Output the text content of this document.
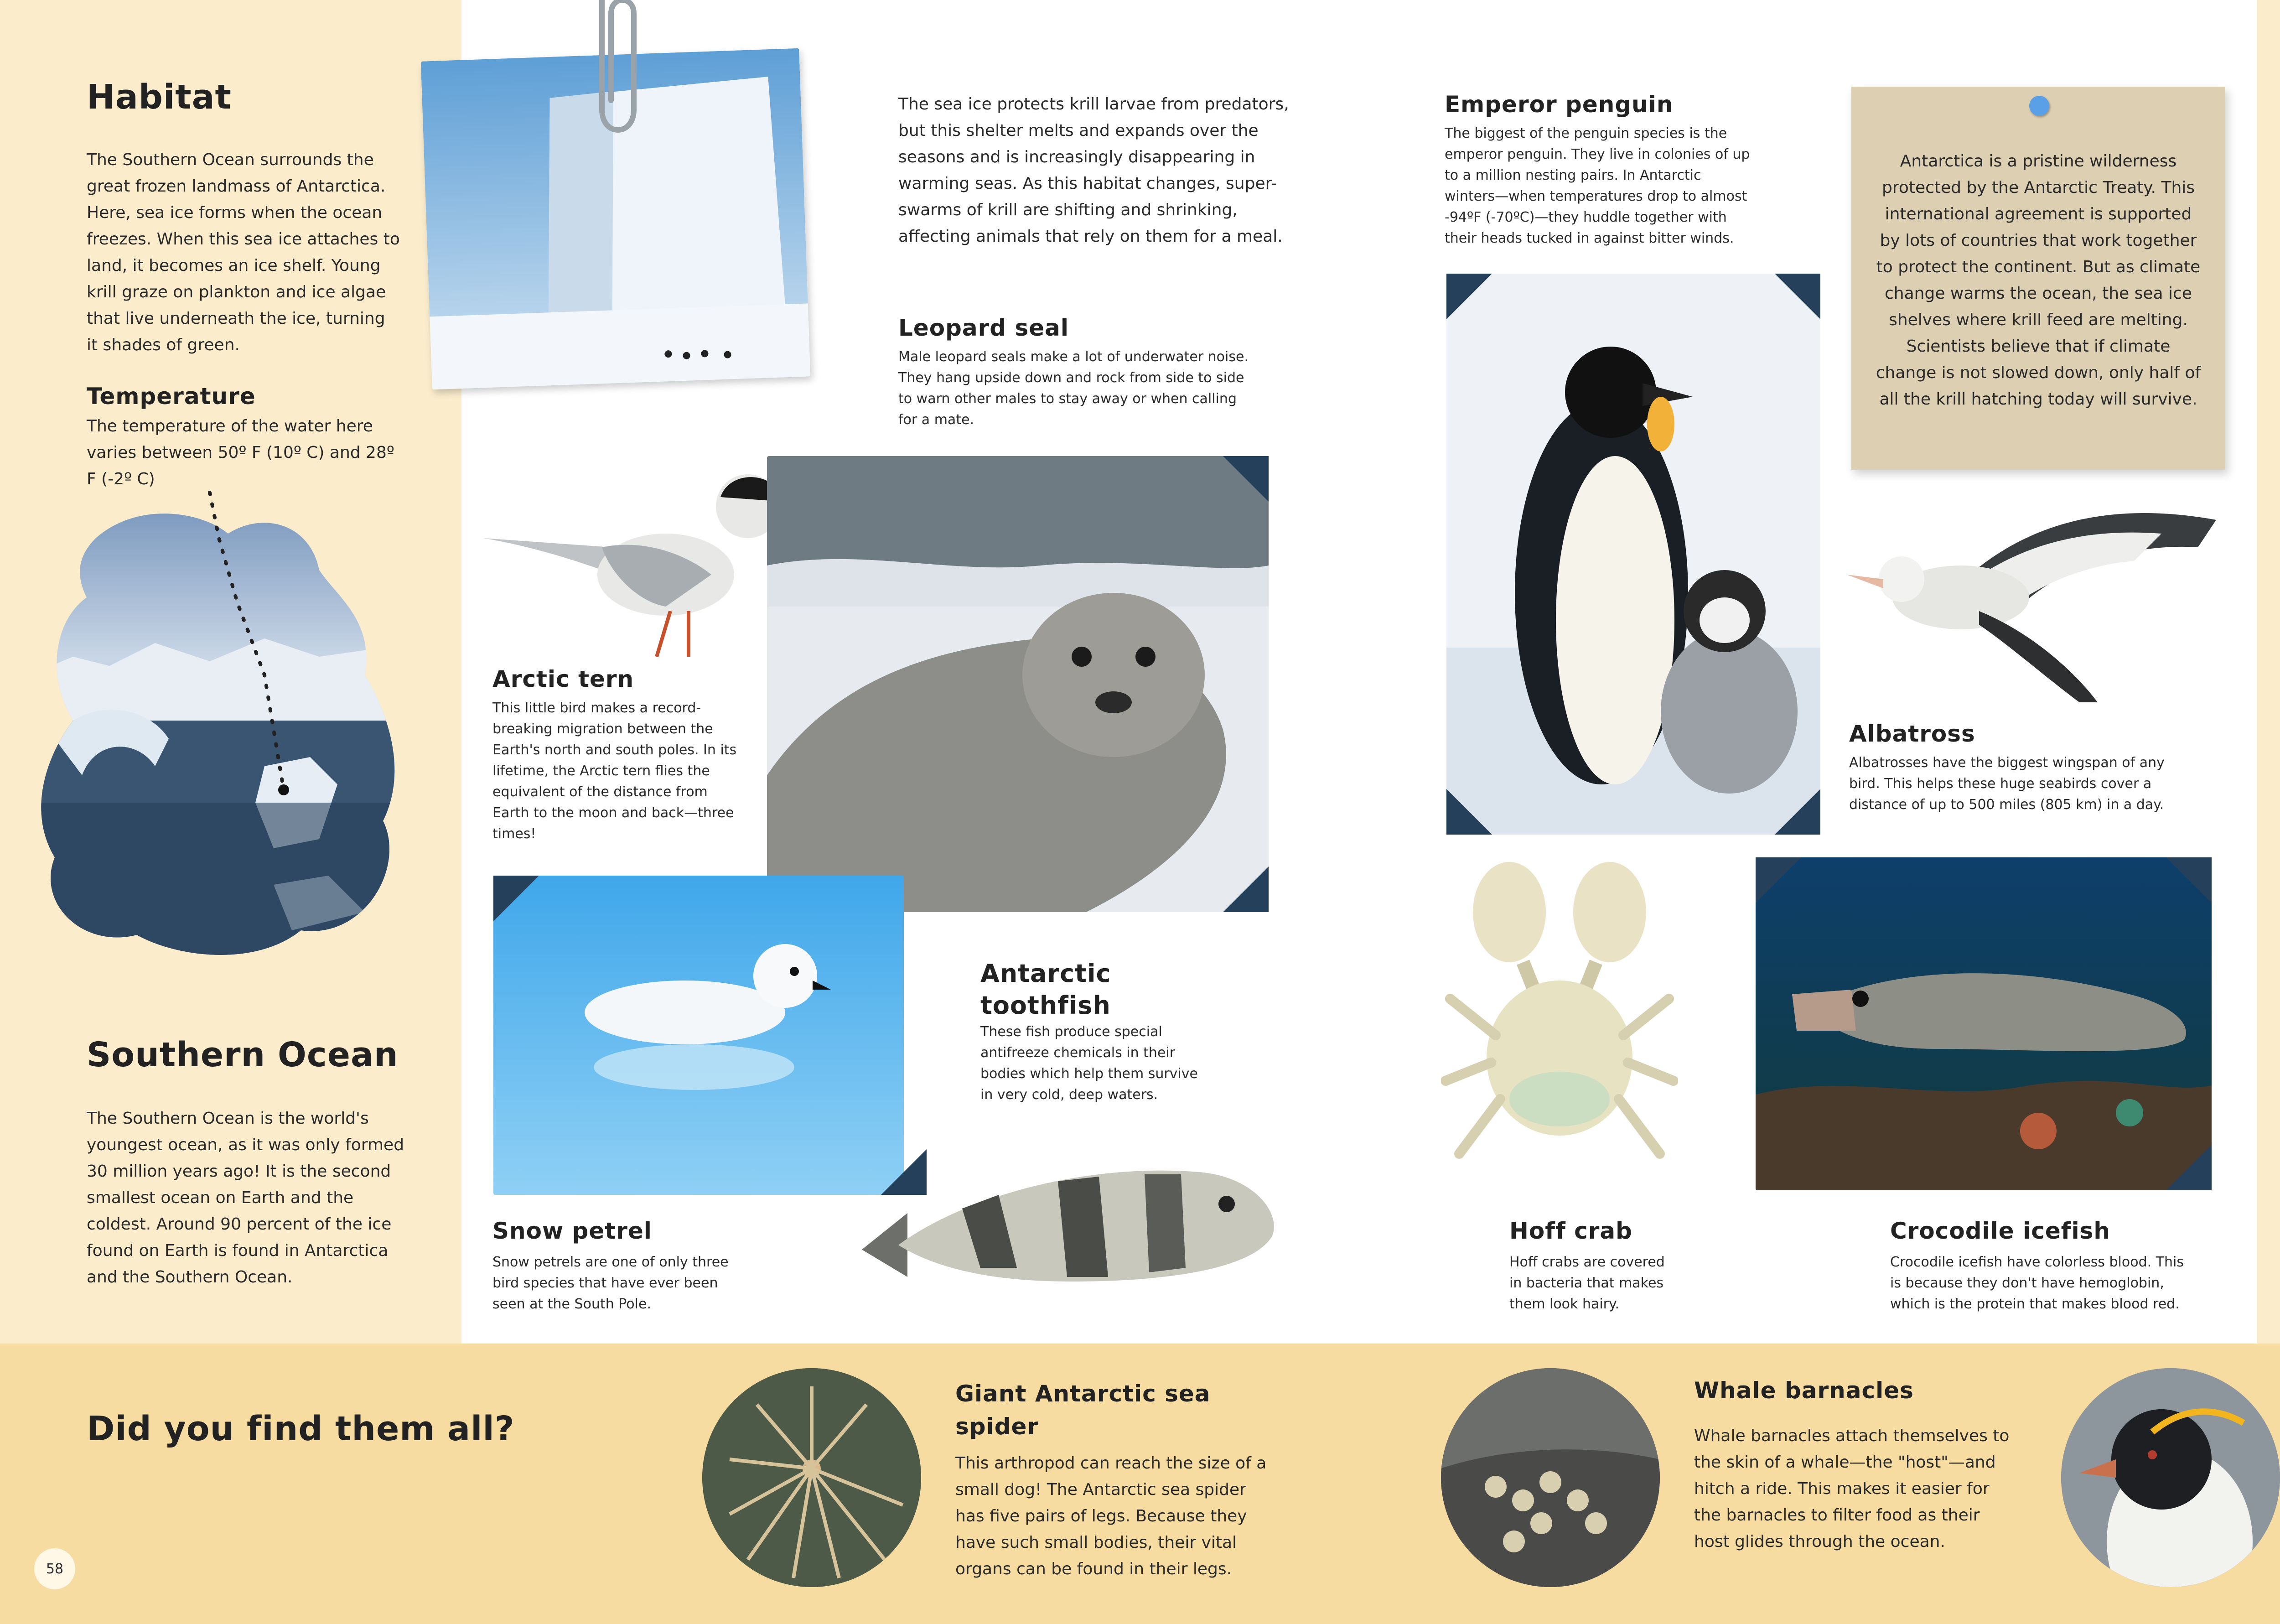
Habitat
The Southern Ocean surrounds the great frozen landmass of Antarctica. Here, sea ice forms when the ocean freezes. When this sea ice attaches to land, it becomes an ice shelf. Young krill graze on plankton and ice algae that live underneath the ice, turning it shades of green.
Temperature
The temperature of the water here varies between 50º F (10º C) and 28º F (-2º C)
Southern Ocean
The Southern Ocean is the world's youngest ocean, as it was only formed 30 million years ago! It is the second smallest ocean on Earth and the coldest. Around 90 percent of the ice found on Earth is found in Antarctica and the Southern Ocean.
The sea ice protects krill larvae from predators, but this shelter melts and expands over the seasons and is increasingly disappearing in warming seas. As this habitat changes, super-swarms of krill are shifting and shrinking, affecting animals that rely on them for a meal.
Leopard seal
Male leopard seals make a lot of underwater noise. They hang upside down and rock from side to side to warn other males to stay away or when calling for a mate.
Arctic tern
This little bird makes a record-breaking migration between the Earth's north and south poles. In its lifetime, the Arctic tern flies the equivalent of the distance from Earth to the moon and back—three times!
Antarctic toothfish
These fish produce special antifreeze chemicals in their bodies which help them survive in very cold, deep waters.
Snow petrel
Snow petrels are one of only three bird species that have ever been seen at the South Pole.
Emperor penguin
The biggest of the penguin species is the emperor penguin. They live in colonies of up to a million nesting pairs. In Antarctic winters—when temperatures drop to almost -94ºF (-70ºC)—they huddle together with their heads tucked in against bitter winds.
Antarctica is a pristine wilderness protected by the Antarctic Treaty. This international agreement is supported by lots of countries that work together to protect the continent. But as climate change warms the ocean, the sea ice shelves where krill feed are melting. Scientists believe that if climate change is not slowed down, only half of all the krill hatching today will survive.
Albatross
Albatrosses have the biggest wingspan of any bird. This helps these huge seabirds cover a distance of up to 500 miles (805 km) in a day.
Hoff crab
Hoff crabs are covered in bacteria that makes them look hairy.
Crocodile icefish
Crocodile icefish have colorless blood. This is because they don't have hemoglobin, which is the protein that makes blood red.
Did you find them all?
Giant Antarctic sea spider
This arthropod can reach the size of a small dog! The Antarctic sea spider has five pairs of legs. Because they have such small bodies, their vital organs can be found in their legs.
Whale barnacles
Whale barnacles attach themselves to the skin of a whale—the "host"—and hitch a ride. This makes it easier for the barnacles to filter food as their host glides through the ocean.
58
